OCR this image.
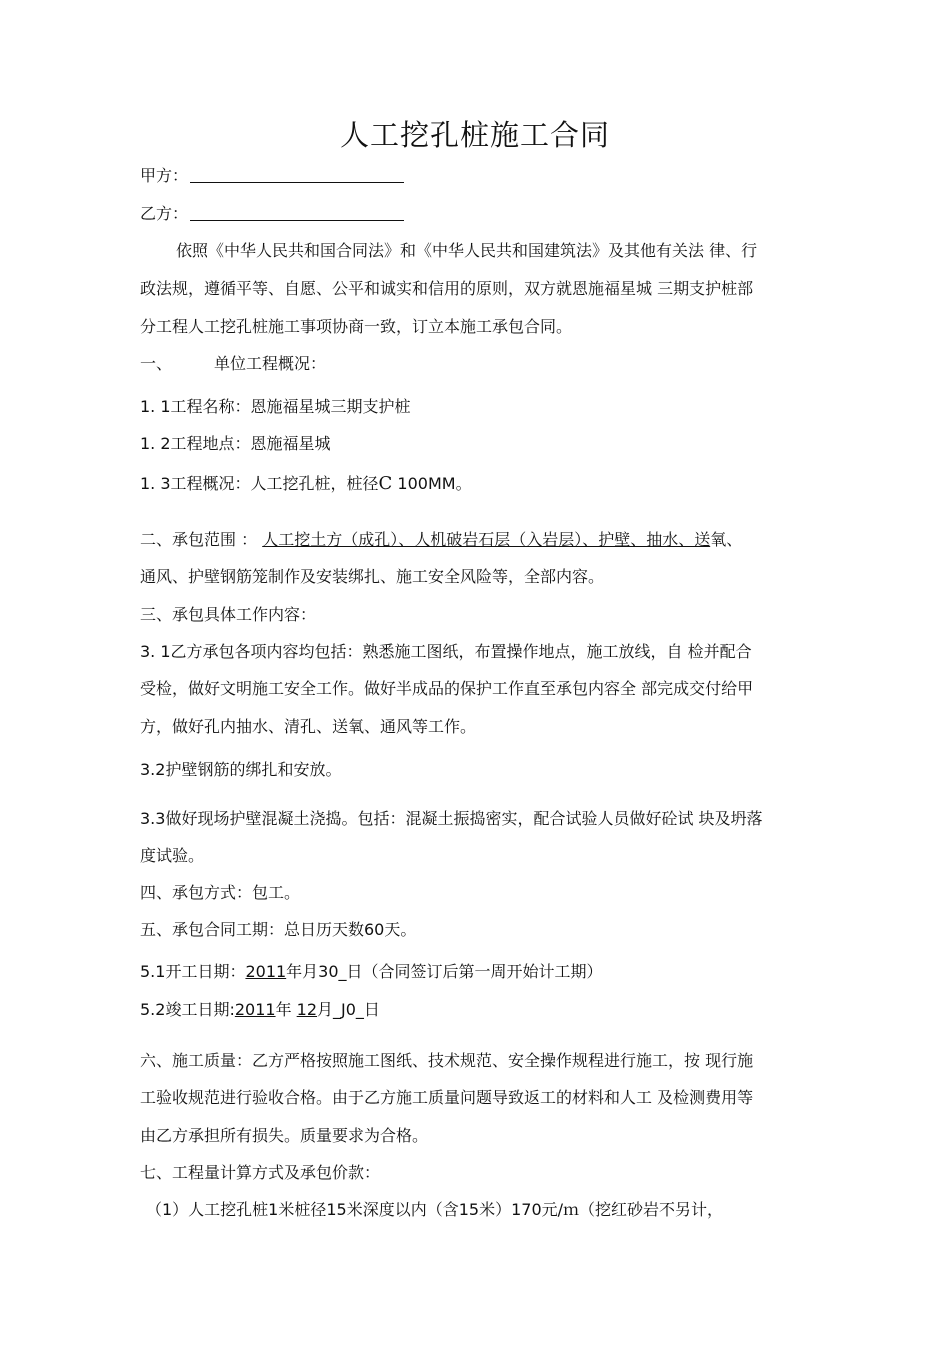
人工挖孔桩施工合同
甲方：
乙方：
依照《中华人民共和国合同法》和《中华人民共和国建筑法》及其他有关法 律、行
政法规，遵循平等、自愿、公平和诚实和信用的原则，双方就恩施福星城 三期支护桩部
分工程人工挖孔桩施工事项协商一致，订立本施工承包合同。
一、	单位工程概况：
1. 1工程名称：恩施福星城三期支护桩
1. 2工程地点：恩施福星城
1. 3工程概况：人工挖孔桩，桩径C 100MM。
二、承包范围 ： 人工挖土方（成孔）、人机破岩石层（入岩层）、护壁、抽水、送氧、
通风、护壁钢筋笼制作及安装绑扎、施工安全风险等，全部内容。
三、承包具体工作内容：
3. 1乙方承包各项内容均包括：熟悉施工图纸，布置操作地点，施工放线，自 检并配合
受检，做好文明施工安全工作。做好半成品的保护工作直至承包内容全 部完成交付给甲
方，做好孔内抽水、清孔、送氧、通风等工作。
3.2护壁钢筋的绑扎和安放。
3.3做好现场护壁混凝土浇捣。包括：混凝土振捣密实，配合试验人员做好砼试 块及坍落
度试验。
四、承包方式：包工。
五、承包合同工期：总日历天数60天。
5.1开工日期：2011年月30_日（合同签订后第一周开始计工期）
5.2竣工日期:2011年 12月_J0_日
六、施工质量：乙方严格按照施工图纸、技术规范、安全操作规程进行施工，按 现行施
工验收规范进行验收合格。由于乙方施工质量问题导致返工的材料和人工 及检测费用等
由乙方承担所有损失。质量要求为合格。
七、工程量计算方式及承包价款：
（1）人工挖孔桩1米桩径15米深度以内（含15米）170元/ｍ（挖红砂岩不另计，
